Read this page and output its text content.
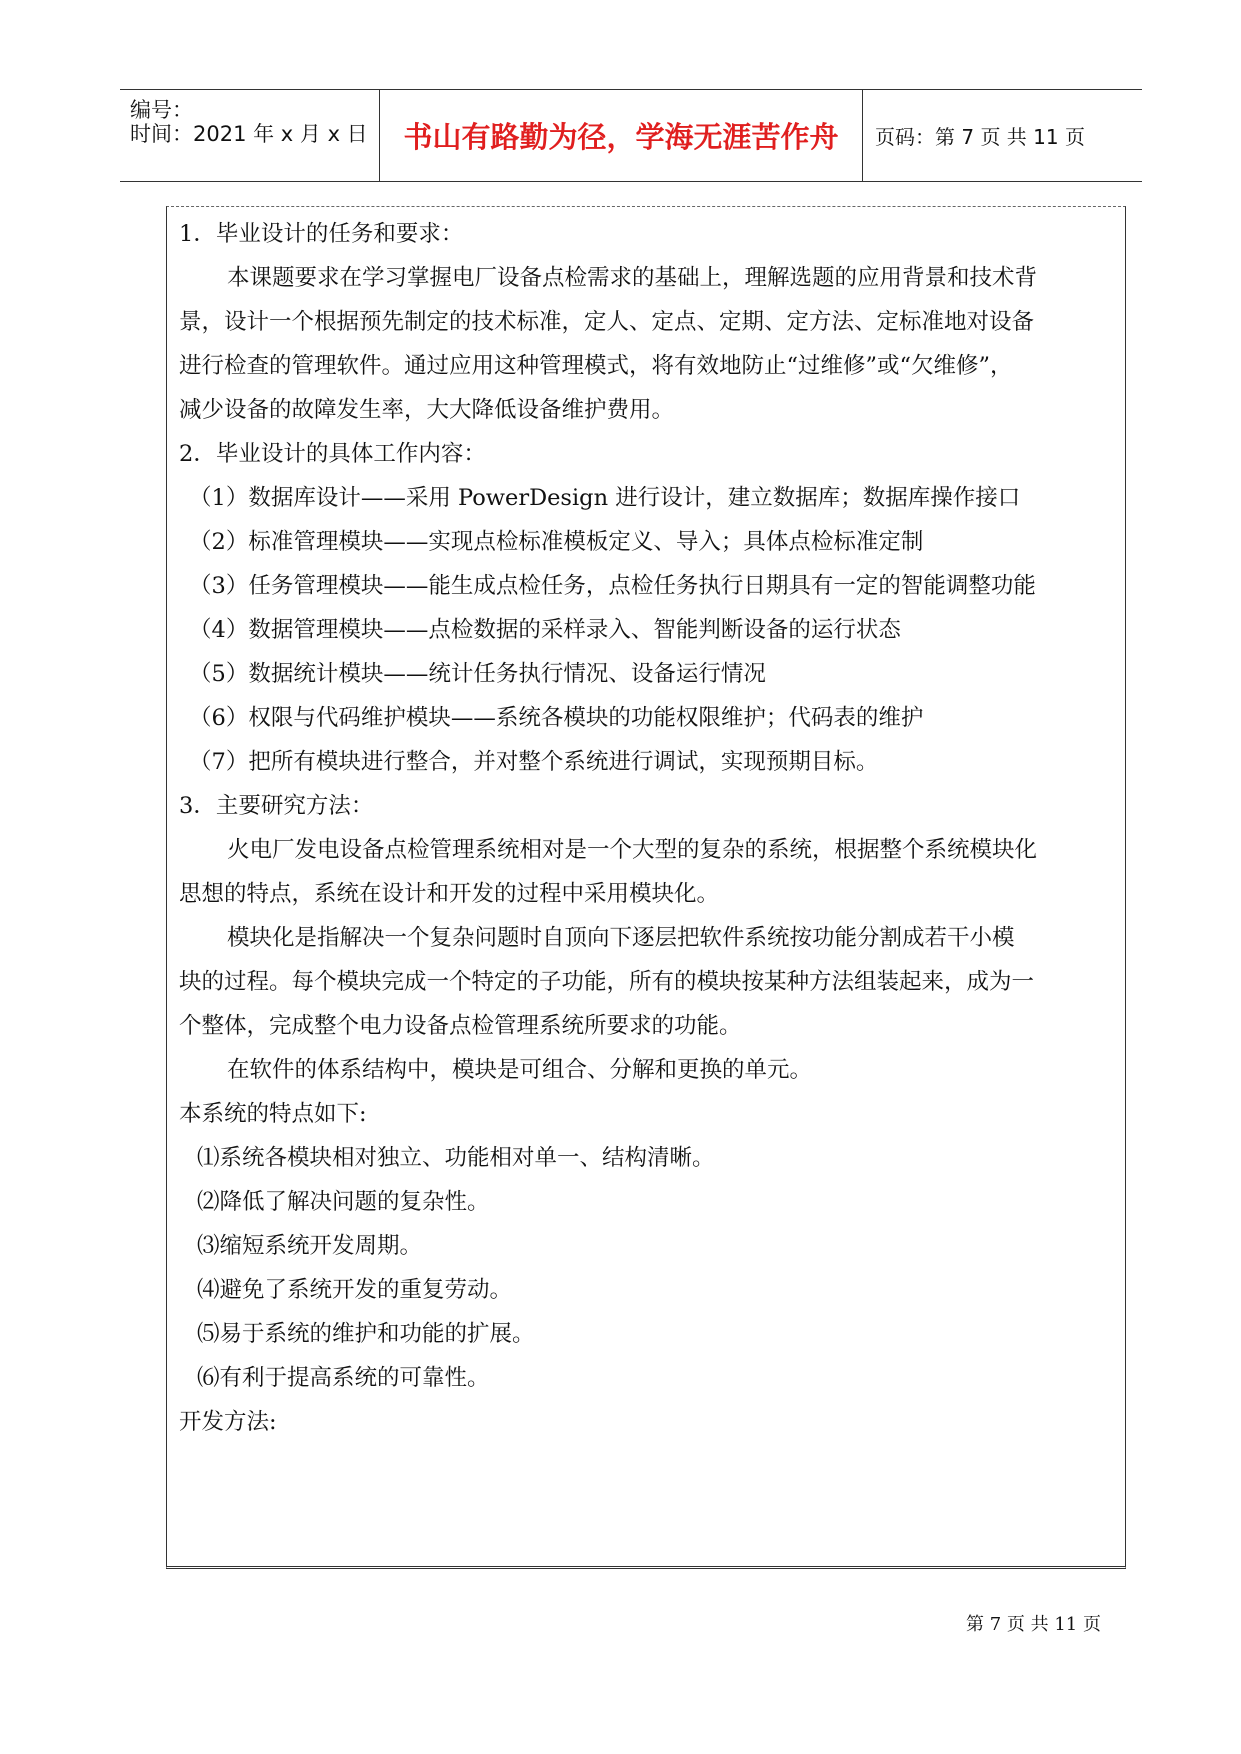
编号：
时间：2021 年 x 月 x 日	书山有路勤为径，学海无涯苦作舟	页码：第 7 页 共 11 页
1．毕业设计的任务和要求：
本课题要求在学习掌握电厂设备点检需求的基础上，理解选题的应用背景和技术背
景，设计一个根据预先制定的技术标准，定人、定点、定期、定方法、定标准地对设备
进行检查的管理软件。通过应用这种管理模式，将有效地防止“过维修”或“欠维修”，
减少设备的故障发生率，大大降低设备维护费用。
2．毕业设计的具体工作内容：
（1）数据库设计——采用 PowerDesign 进行设计，建立数据库；数据库操作接口
（2）标准管理模块——实现点检标准模板定义、导入；具体点检标准定制
（3）任务管理模块——能生成点检任务，点检任务执行日期具有一定的智能调整功能
（4）数据管理模块——点检数据的采样录入、智能判断设备的运行状态
（5）数据统计模块——统计任务执行情况、设备运行情况
（6）权限与代码维护模块——系统各模块的功能权限维护；代码表的维护
（7）把所有模块进行整合，并对整个系统进行调试，实现预期目标。
3．主要研究方法：
火电厂发电设备点检管理系统相对是一个大型的复杂的系统，根据整个系统模块化
思想的特点，系统在设计和开发的过程中采用模块化。
模块化是指解决一个复杂问题时自顶向下逐层把软件系统按功能分割成若干小模
块的过程。每个模块完成一个特定的子功能，所有的模块按某种方法组装起来，成为一
个整体，完成整个电力设备点检管理系统所要求的功能。
在软件的体系结构中，模块是可组合、分解和更换的单元。
本系统的特点如下:
⑴系统各模块相对独立、功能相对单一、结构清晰。
⑵降低了解决问题的复杂性。
⑶缩短系统开发周期。
⑷避免了系统开发的重复劳动。
⑸易于系统的维护和功能的扩展。
⑹有利于提高系统的可靠性。
开发方法:
第 7 页 共 11 页
